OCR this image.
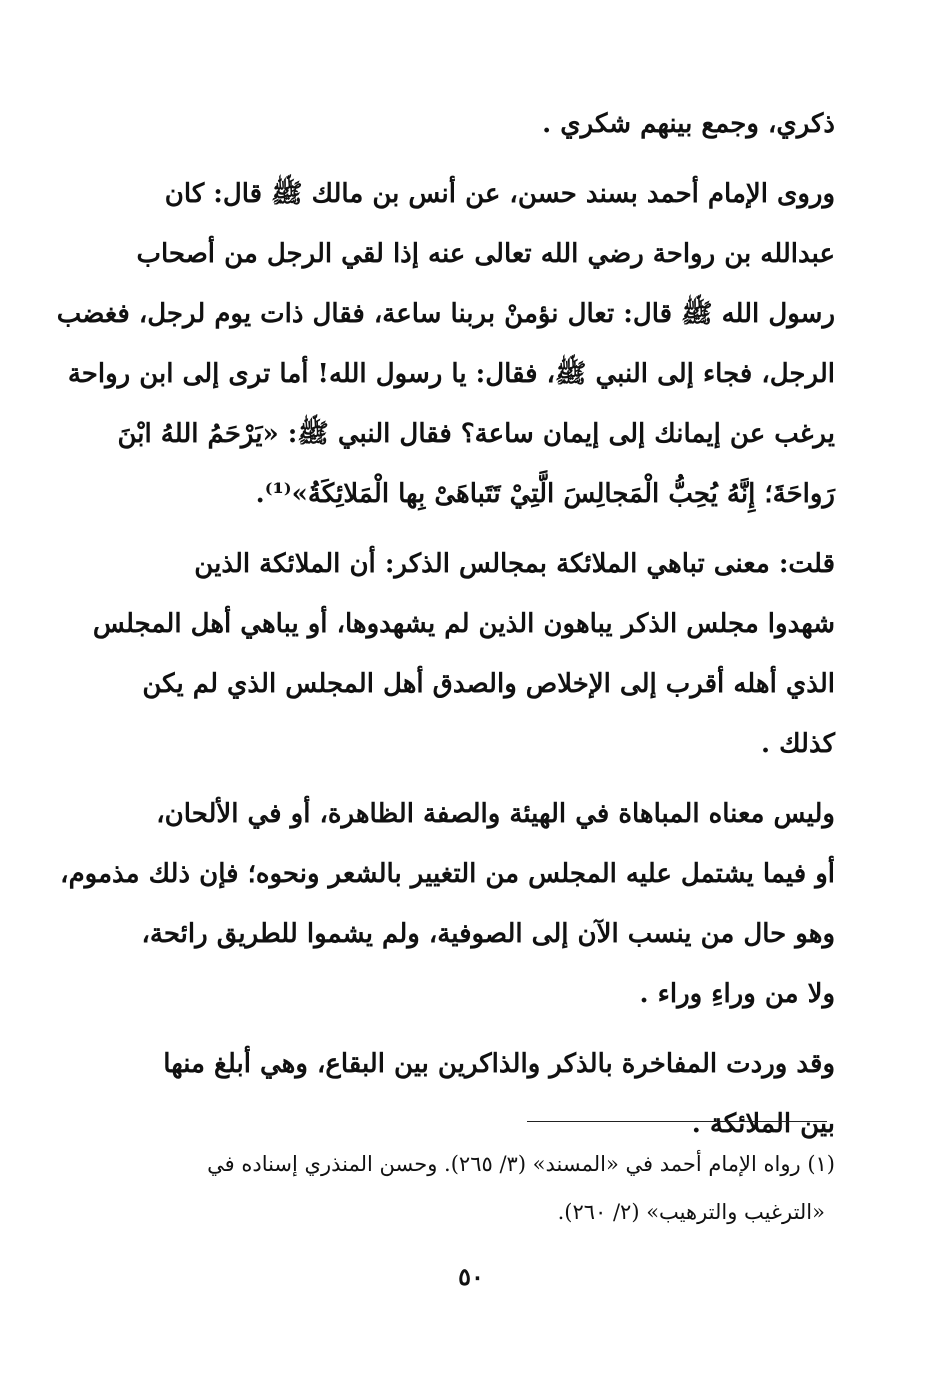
ذكري، وجمع بينهم شكري .
وروى الإمام أحمد بسند حسن، عن أنس بن مالك ﷺ قال: كان
عبدالله بن رواحة رضي الله تعالى عنه إذا لقي الرجل من أصحاب
رسول الله ﷺ قال: تعال نؤمنْ بربنا ساعة، فقال ذات يوم لرجل، فغضب
الرجل، فجاء إلى النبي ﷺ، فقال: يا رسول الله! أما ترى إلى ابن رواحة
يرغب عن إيمانك إلى إيمان ساعة؟ فقال النبي ﷺ: «يَرْحَمُ اللهُ ابْنَ
رَواحَةَ؛ إِنَّهُ يُحِبُّ الْمَجالِسَ الَّتِيْ تَتَباهَىْ بِها الْمَلائِكَةُ»⁽¹⁾.
قلت: معنى تباهي الملائكة بمجالس الذكر: أن الملائكة الذين
شهدوا مجلس الذكر يباهون الذين لم يشهدوها، أو يباهي أهل المجلس
الذي أهله أقرب إلى الإخلاص والصدق أهل المجلس الذي لم يكن
كذلك .
وليس معناه المباهاة في الهيئة والصفة الظاهرة، أو في الألحان،
أو فيما يشتمل عليه المجلس من التغيير بالشعر ونحوه؛ فإن ذلك مذموم،
وهو حال من ينسب الآن إلى الصوفية، ولم يشموا للطريق رائحة،
ولا من وراءِ وراء .
وقد وردت المفاخرة بالذكر والذاكرين بين البقاع، وهي أبلغ منها
بين الملائكة .
(١) رواه الإمام أحمد في «المسند» (٣/ ٢٦٥). وحسن المنذري إسناده في
«الترغيب والترهيب» (٢/ ٢٦٠).
٥٠
